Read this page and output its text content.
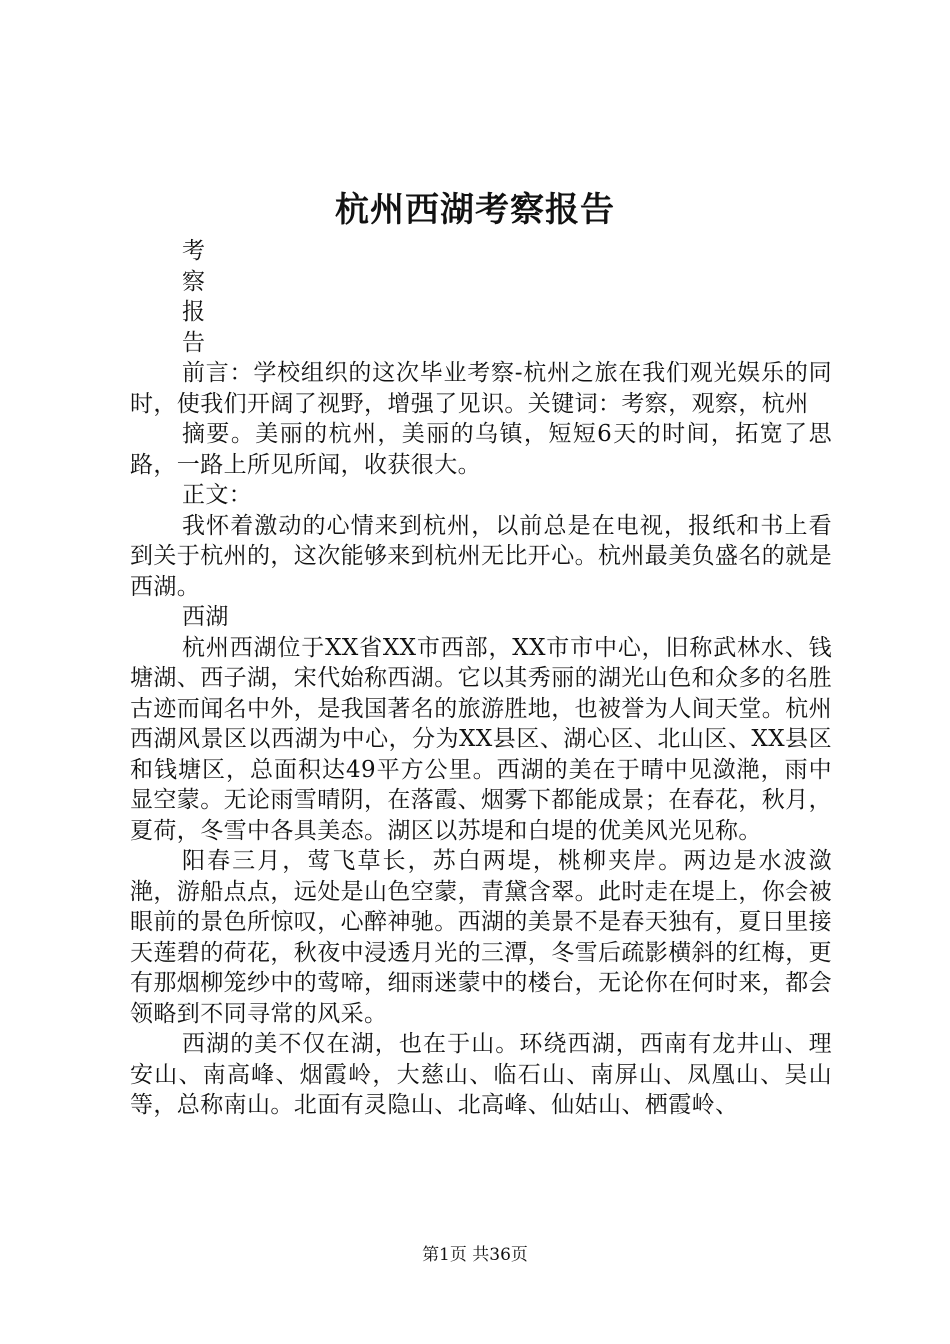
杭州西湖考察报告

考

察

报

告

前言：学校组织的这次毕业考察-杭州之旅在我们观光娱乐的同时，使我们开阔了视野，增强了见识。关键词：考察，观察，杭州

摘要。美丽的杭州，美丽的乌镇，短短6天的时间，拓宽了思路，一路上所见所闻，收获很大。

正文：

我怀着激动的心情来到杭州，以前总是在电视，报纸和书上看到关于杭州的，这次能够来到杭州无比开心。杭州最美负盛名的就是西湖。

西湖

杭州西湖位于XX省XX市西部，XX市市中心，旧称武林水、钱塘湖、西子湖，宋代始称西湖。它以其秀丽的湖光山色和众多的名胜古迹而闻名中外，是我国著名的旅游胜地，也被誉为人间天堂。杭州西湖风景区以西湖为中心，分为XX县区、湖心区、北山区、XX县区和钱塘区，总面积达49平方公里。西湖的美在于晴中见潋滟，雨中显空蒙。无论雨雪晴阴，在落霞、烟雾下都能成景；在春花，秋月，夏荷，冬雪中各具美态。湖区以苏堤和白堤的优美风光见称。

阳春三月，莺飞草长，苏白两堤，桃柳夹岸。两边是水波潋滟，游船点点，远处是山色空蒙，青黛含翠。此时走在堤上，你会被眼前的景色所惊叹，心醉神驰。西湖的美景不是春天独有，夏日里接天莲碧的荷花，秋夜中浸透月光的三潭，冬雪后疏影横斜的红梅，更有那烟柳笼纱中的莺啼，细雨迷蒙中的楼台，无论你在何时来，都会领略到不同寻常的风采。

西湖的美不仅在湖，也在于山。环绕西湖，西南有龙井山、理安山、南高峰、烟霞岭，大慈山、临石山、南屏山、凤凰山、吴山等，总称南山。北面有灵隐山、北高峰、仙姑山、栖霞岭、

第1页 共36页
